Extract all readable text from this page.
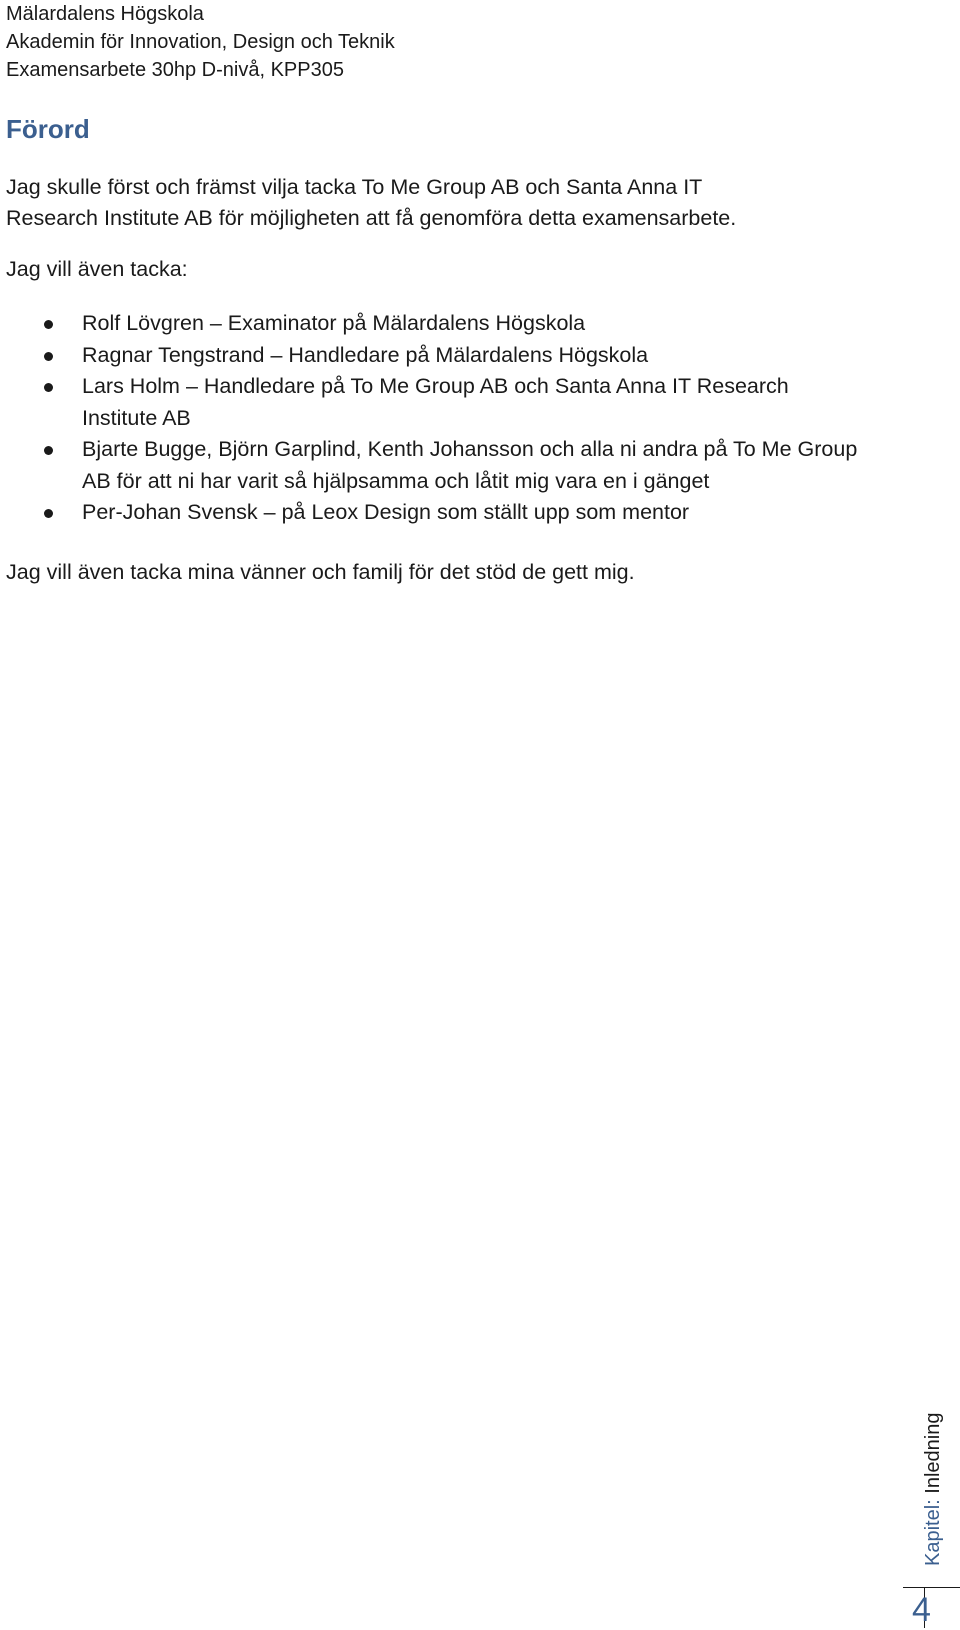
Mälardalens Högskola
Akademin för Innovation, Design och Teknik
Examensarbete 30hp D-nivå, KPP305
Förord

Jag skulle först och främst vilja tacka To Me Group AB och Santa Anna IT Research Institute AB för möjligheten att få genomföra detta examensarbete.

Jag vill även tacka:

Rolf Lövgren – Examinator på Mälardalens Högskola
Ragnar Tengstrand – Handledare på Mälardalens Högskola
Lars Holm – Handledare på To Me Group AB och Santa Anna IT Research Institute AB
Bjarte Bugge, Björn Garplind, Kenth Johansson och alla ni andra på To Me Group AB för att ni har varit så hjälpsamma och låtit mig vara en i gänget
Per-Johan Svensk – på Leox Design som ställt upp som mentor

Jag vill även tacka mina vänner och familj för det stöd de gett mig.

Kapitel: Inledning
4
